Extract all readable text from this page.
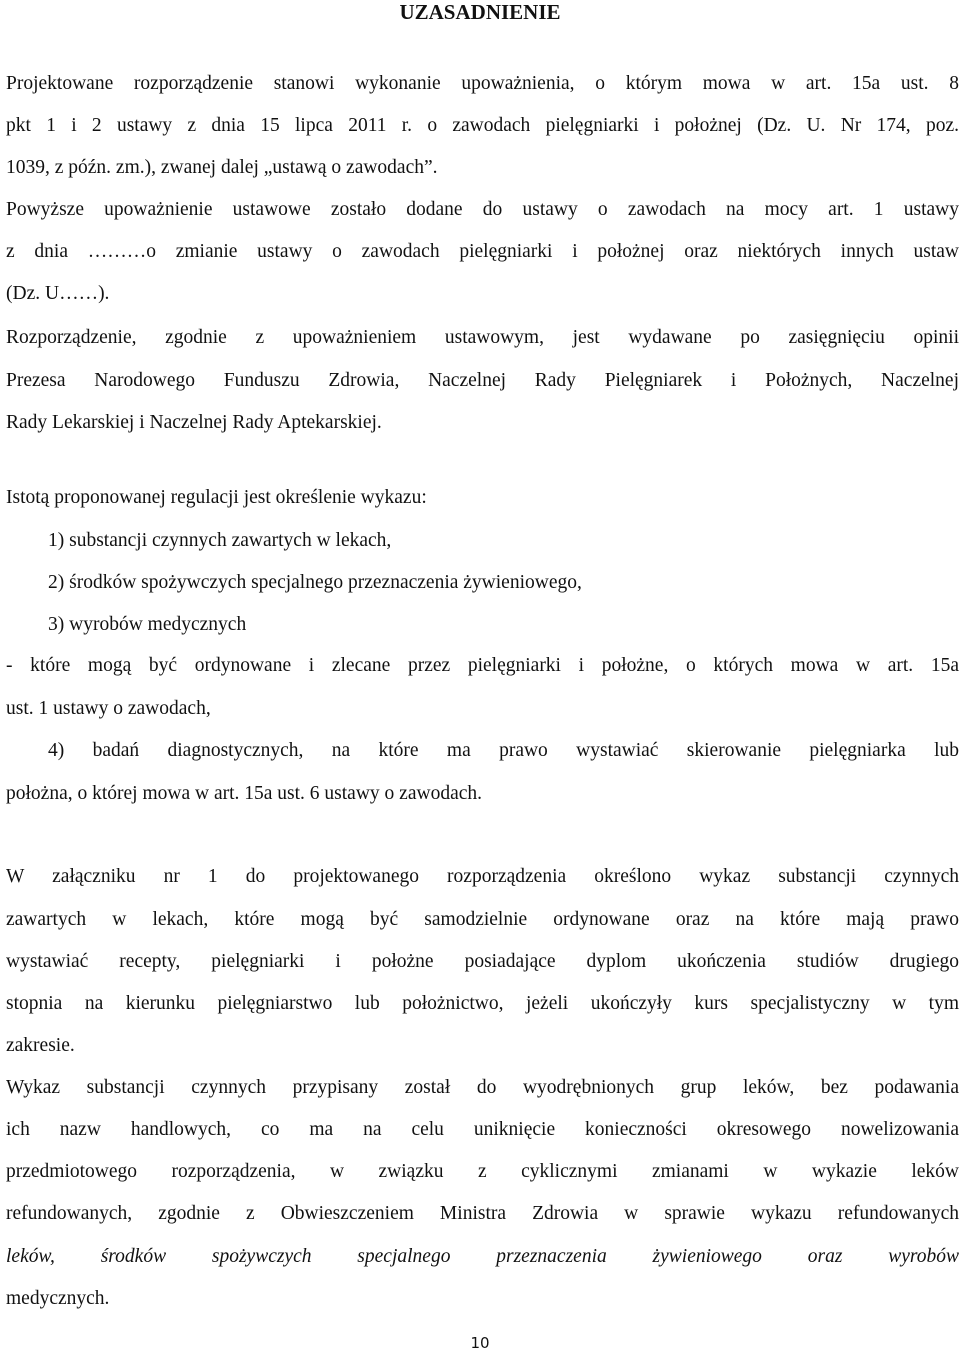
UZASADNIENIE
Projektowane rozporządzenie stanowi wykonanie upoważnienia, o którym mowa w art. 15a ust. 8
pkt 1 i 2 ustawy z dnia 15 lipca 2011 r. o zawodach pielęgniarki i położnej (Dz. U. Nr 174, poz.
1039, z późn. zm.), zwanej dalej „ustawą o zawodach”.
Powyższe upoważnienie ustawowe zostało dodane do ustawy o zawodach na mocy art. 1 ustawy
z dnia ………o zmianie ustawy o zawodach pielęgniarki i położnej oraz niektórych innych ustaw
(Dz. U……).
Rozporządzenie, zgodnie z upoważnieniem ustawowym, jest wydawane po zasięgnięciu opinii
Prezesa Narodowego Funduszu Zdrowia, Naczelnej Rady Pielęgniarek i Położnych, Naczelnej
Rady Lekarskiej i Naczelnej Rady Aptekarskiej.
Istotą proponowanej regulacji jest określenie wykazu:
1) substancji czynnych zawartych w lekach,
2) środków spożywczych specjalnego przeznaczenia żywieniowego,
3) wyrobów medycznych
- które mogą być ordynowane i zlecane przez pielęgniarki i położne, o których mowa w art. 15a
ust. 1 ustawy o zawodach,
4) badań diagnostycznych, na które ma prawo wystawiać skierowanie pielęgniarka lub
położna, o której mowa w art. 15a ust. 6 ustawy o zawodach.
W załączniku nr 1 do projektowanego rozporządzenia określono wykaz substancji czynnych
zawartych w lekach, które mogą być samodzielnie ordynowane oraz na które mają prawo
wystawiać recepty, pielęgniarki i położne posiadające dyplom ukończenia studiów drugiego
stopnia na kierunku pielęgniarstwo lub położnictwo, jeżeli ukończyły kurs specjalistyczny w tym
zakresie.
Wykaz substancji czynnych przypisany został do wyodrębnionych grup leków, bez podawania
ich nazw handlowych, co ma na celu uniknięcie konieczności okresowego nowelizowania
przedmiotowego rozporządzenia, w związku z cyklicznymi zmianami w wykazie leków
refundowanych, zgodnie z Obwieszczeniem Ministra Zdrowia w sprawie wykazu refundowanych
leków, środków spożywczych specjalnego przeznaczenia żywieniowego oraz wyrobów
medycznych.
10
